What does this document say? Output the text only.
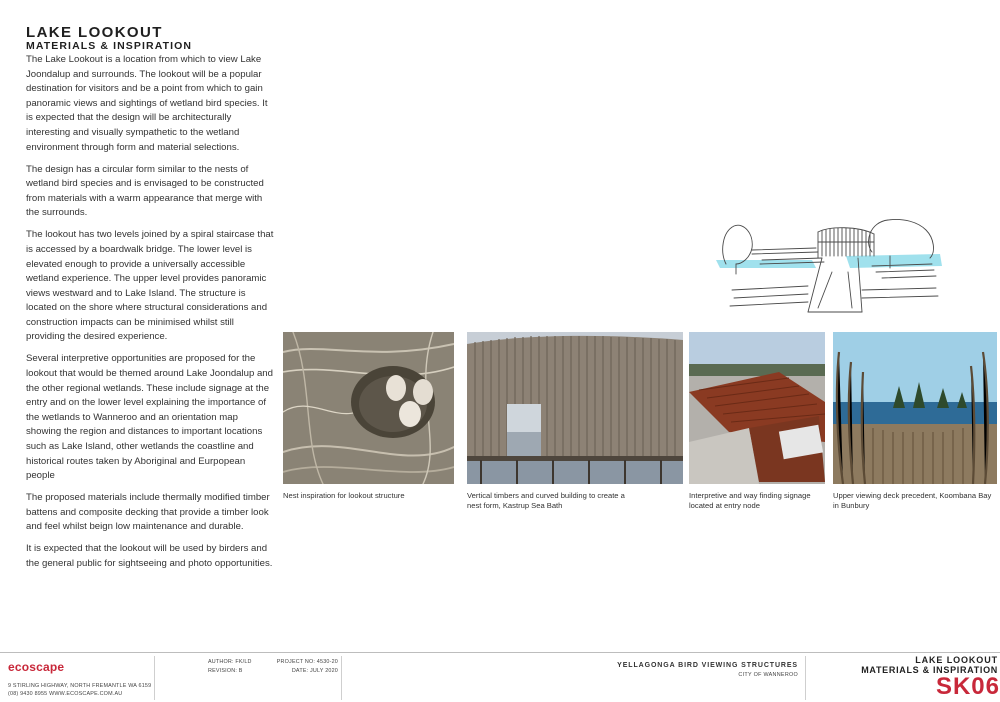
LAKE LOOKOUT
MATERIALS & INSPIRATION

The Lake Lookout is a location from which to view Lake Joondalup and surrounds. The lookout will be a popular destination for visitors and be a point from which to gain panoramic views and sightings of wetland bird species. It is expected that the design will be architecturally interesting and visually sympathetic to the wetland environment through form and material selections.

The design has a circular form similar to the nests of wetland bird species and is envisaged to be constructed from materials with a warm appearance that merge with the surrounds.

The lookout has two levels joined by a spiral staircase that is accessed by a boardwalk bridge. The lower level is elevated enough to provide a universally accessible wetland experience. The upper level provides panoramic views westward and to Lake Island. The structure is located on the shore where structural considerations and construction impacts can be minimised whilst still providing the desired experience.

Several interpretive opportunities are proposed for the lookout that would be themed around Lake Joondalup and the other regional wetlands. These include signage at the entry and on the lower level explaining the importance of the wetlands to Wanneroo and an orientation map showing the region and distances to important locations such as Lake Island, other wetlands the coastline and historical routes taken by Aboriginal and Eurpopean people

The proposed materials include thermally modified timber battens and composite decking that provide a timber look and feel whilst beign low maintenance and durable.

It is expected that the lookout will be used by birders and the general public for sightseeing and photo opportunities.

Nest inspiration for lookout structure	Vertical timbers and curved building to create a nest form, Kastrup Sea Bath
Interpretive and way finding signage located at entry node
Upper viewing deck precedent, Koombana Bay in Bunbury
ecoscape
9 STIRLING HIGHWAY, NORTH FREMANTLE WA 6159
(08) 9430 8955 WWW.ECOSCAPE.COM.AU
AUTHOR: FK/LD
REVISION: B
PROJECT NO: 4530-20
DATE: JULY 2020
YELLAGONGA BIRD VIEWING STRUCTURES
CITY OF WANNEROO
LAKE LOOKOUT
MATERIALS & INSPIRATION
SK06
